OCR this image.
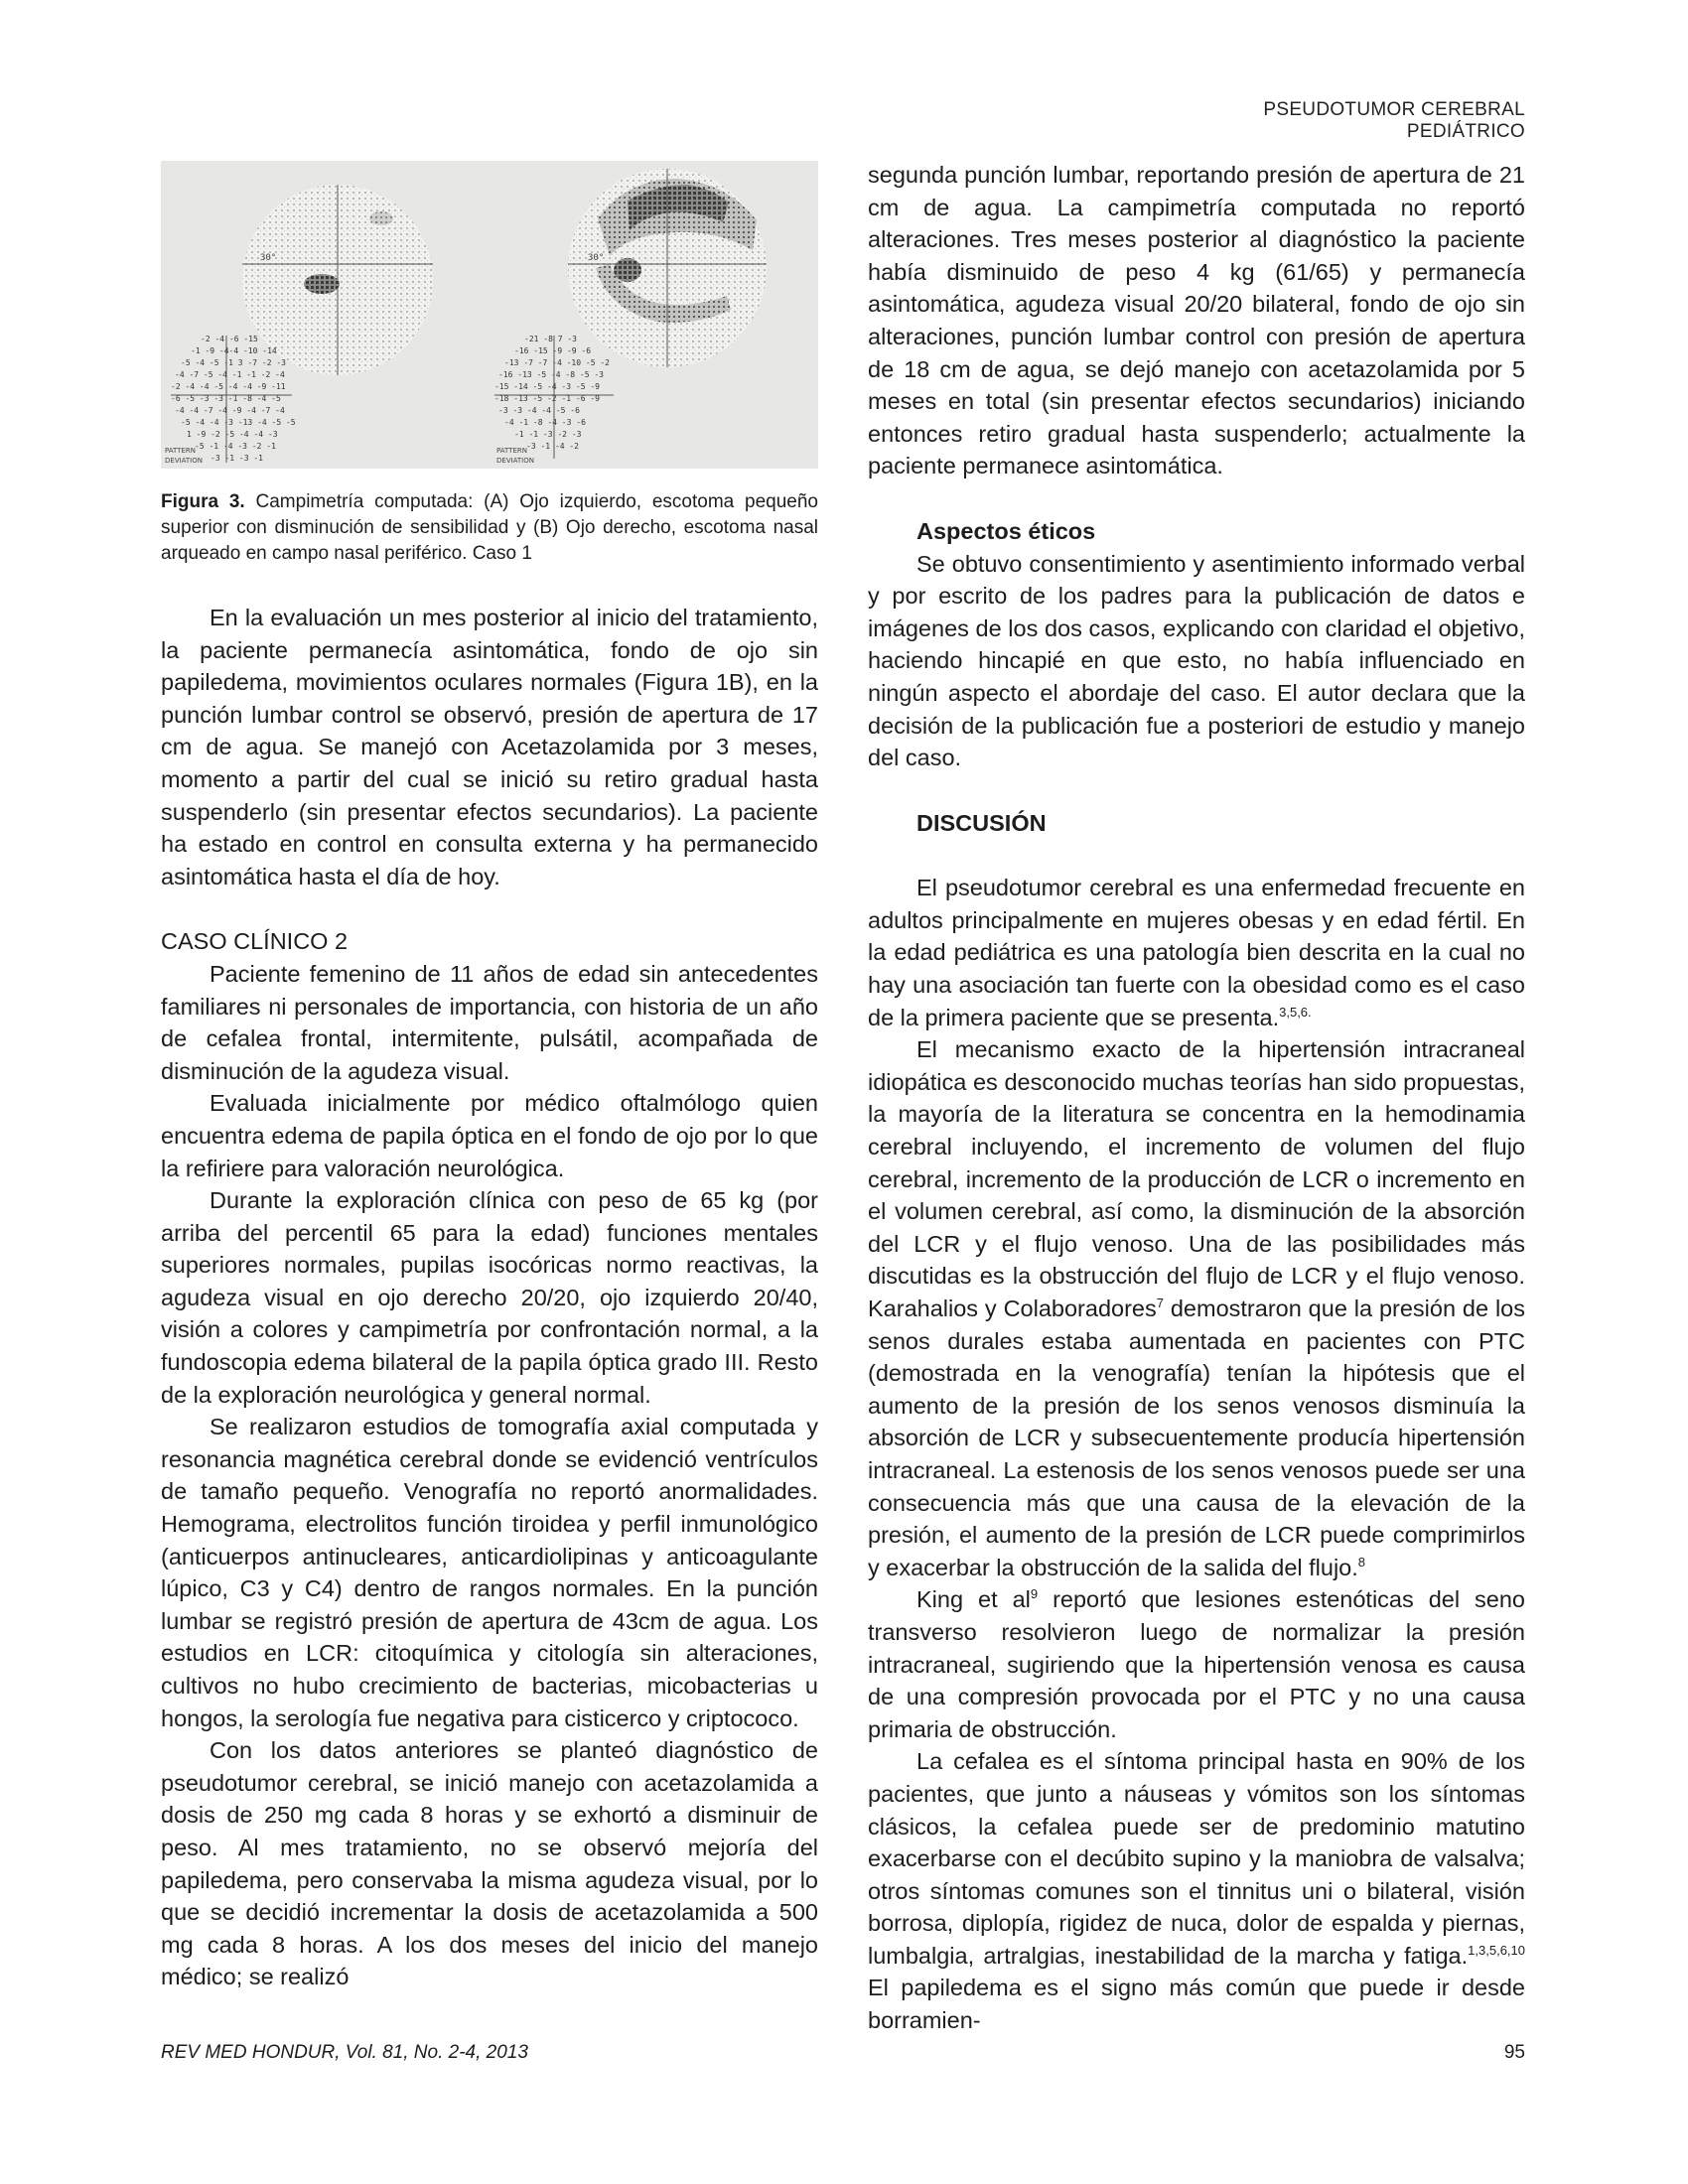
PSEUDOTUMOR CEREBRAL PEDIÁTRICO
30°
-2 -4 -6 -15
-1 -9 -4-4 -10 -14
-5 -4 -5 -1 3 -7 -2 -3
-4 -7 -5 -4 -1 -1 -2 -4
-2 -4 -4 -5 -4 -4 -9 -11
-6 -5 -3 -3 -1 -8 -4 -5
-4 -4 -7 -4 -9 -4 -7 -4
-5 -4 -4 -3 -13 -4 -5 -5
1 -9 -2 -5 -4 -4 -3
-5 -1 -4 -3 -2 -1
-3 -1 -3 -1
PATTERN
DEVIATION
30°
-21 -8 7 -3
-16 -15 -9 -9 -6
-13 -7 -7 -4 -10 -5 -2
-16 -13 -5 -4 -8 -5 -3
-15 -14 -5 -4 -3 -5 -9
-18 -13 -5 -2 -1 -6 -9
-3 -3 -4 -4 -5 -6
-4 -1 -8 -4 -3 -6
-1 -1 -3 -2 -3
-3 -1 -4 -2
PATTERN
DEVIATION
Figura 3. Campimetría computada: (A) Ojo izquierdo, escotoma pequeño superior con disminución de sensibilidad y (B) Ojo derecho, escotoma nasal arqueado en campo nasal periférico. Caso 1

En la evaluación un mes posterior al inicio del tratamiento, la paciente permanecía asintomática, fondo de ojo sin papiledema, movimientos oculares normales (Figura 1B), en la punción lumbar control se observó, presión de apertura de 17 cm de agua. Se manejó con Acetazolamida por 3 meses, momento a partir del cual se inició su retiro gradual hasta suspenderlo (sin presentar efectos secundarios). La paciente ha estado en control en consulta externa y ha permanecido asintomática hasta el día de hoy.

CASO CLÍNICO 2

Paciente femenino de 11 años de edad sin antecedentes familiares ni personales de importancia, con historia de un año de cefalea frontal, intermitente, pulsátil, acompañada de disminución de la agudeza visual.

Evaluada inicialmente por médico oftalmólogo quien encuentra edema de papila óptica en el fondo de ojo por lo que la refiriere para valoración neurológica.

Durante la exploración clínica con peso de 65 kg (por arriba del percentil 65 para la edad) funciones mentales superiores normales, pupilas isocóricas normo reactivas, la agudeza visual en ojo derecho 20/20, ojo izquierdo 20/40, visión a colores y campimetría por confrontación normal, a la fundoscopia edema bilateral de la papila óptica grado III. Resto de la exploración neurológica y general normal.

Se realizaron estudios de tomografía axial computada y resonancia magnética cerebral donde se evidenció ventrículos de tamaño pequeño. Venografía no reportó anormalidades. Hemograma, electrolitos función tiroidea y perfil inmunológico (anticuerpos antinucleares, anticardiolipinas y anticoagulante lúpico, C3 y C4) dentro de rangos normales. En la punción lumbar se registró presión de apertura de 43cm de agua. Los estudios en LCR: citoquímica y citología sin alteraciones, cultivos no hubo crecimiento de bacterias, micobacterias u hongos, la serología fue negativa para cisticerco y criptococo.

Con los datos anteriores se planteó diagnóstico de pseudotumor cerebral, se inició manejo con acetazolamida a dosis de 250 mg cada 8 horas y se exhortó a disminuir de peso. Al mes tratamiento, no se observó mejoría del papiledema, pero conservaba la misma agudeza visual, por lo que se decidió incrementar la dosis de acetazolamida a 500 mg cada 8 horas. A los dos meses del inicio del manejo médico; se realizó

segunda punción lumbar, reportando presión de apertura de 21 cm de agua. La campimetría computada no reportó alteraciones. Tres meses posterior al diagnóstico la paciente había disminuido de peso 4 kg (61/65) y permanecía asintomática, agudeza visual 20/20 bilateral, fondo de ojo sin alteraciones, punción lumbar control con presión de apertura de 18 cm de agua, se dejó manejo con acetazolamida por 5 meses en total (sin presentar efectos secundarios) iniciando entonces retiro gradual hasta suspenderlo; actualmente la paciente permanece asintomática.

Aspectos éticos

Se obtuvo consentimiento y asentimiento informado verbal y por escrito de los padres para la publicación de datos e imágenes de los dos casos, explicando con claridad el objetivo, haciendo hincapié en que esto, no había influenciado en ningún aspecto el abordaje del caso. El autor declara que la decisión de la publicación fue a posteriori de estudio y manejo del caso.

DISCUSIÓN

El pseudotumor cerebral es una enfermedad frecuente en adultos principalmente en mujeres obesas y en edad fértil. En la edad pediátrica es una patología bien descrita en la cual no hay una asociación tan fuerte con la obesidad como es el caso de la primera paciente que se presenta.$^{3,5,6.}$

El mecanismo exacto de la hipertensión intracraneal idiopática es desconocido muchas teorías han sido propuestas, la mayoría de la literatura se concentra en la hemodinamia cerebral incluyendo, el incremento de volumen del flujo cerebral, incremento de la producción de LCR o incremento en el volumen cerebral, así como, la disminución de la absorción del LCR y el flujo venoso. Una de las posibilidades más discutidas es la obstrucción del flujo de LCR y el flujo venoso. Karahalios y Colaboradores$^7$ demostraron que la presión de los senos durales estaba aumentada en pacientes con PTC (demostrada en la venografía) tenían la hipótesis que el aumento de la presión de los senos venosos disminuía la absorción de LCR y subsecuentemente producía hipertensión intracraneal. La estenosis de los senos venosos puede ser una consecuencia más que una causa de la elevación de la presión, el aumento de la presión de LCR puede comprimirlos y exacerbar la obstrucción de la salida del flujo.$^8$

King et $al^9$ reportó que lesiones estenóticas del seno transverso resolvieron luego de normalizar la presión intracraneal, sugiriendo que la hipertensión venosa es causa de una compresión provocada por el PTC y no una causa primaria de obstrucción.

La cefalea es el síntoma principal hasta en 90% de los pacientes, que junto a náuseas y vómitos son los síntomas clásicos, la cefalea puede ser de predominio matutino exacerbarse con el decúbito supino y la maniobra de valsalva; otros síntomas comunes son el tinnitus uni o bilateral, visión borrosa, diplopía, rigidez de nuca, dolor de espalda y piernas, lumbalgia, artralgias, inestabilidad de la marcha y fatiga.$^{1,3,5,6,10}$ El papiledema es el signo más común que puede ir desde borramien-

REV MED HONDUR, Vol. 81, No. 2-4, 2013	95
